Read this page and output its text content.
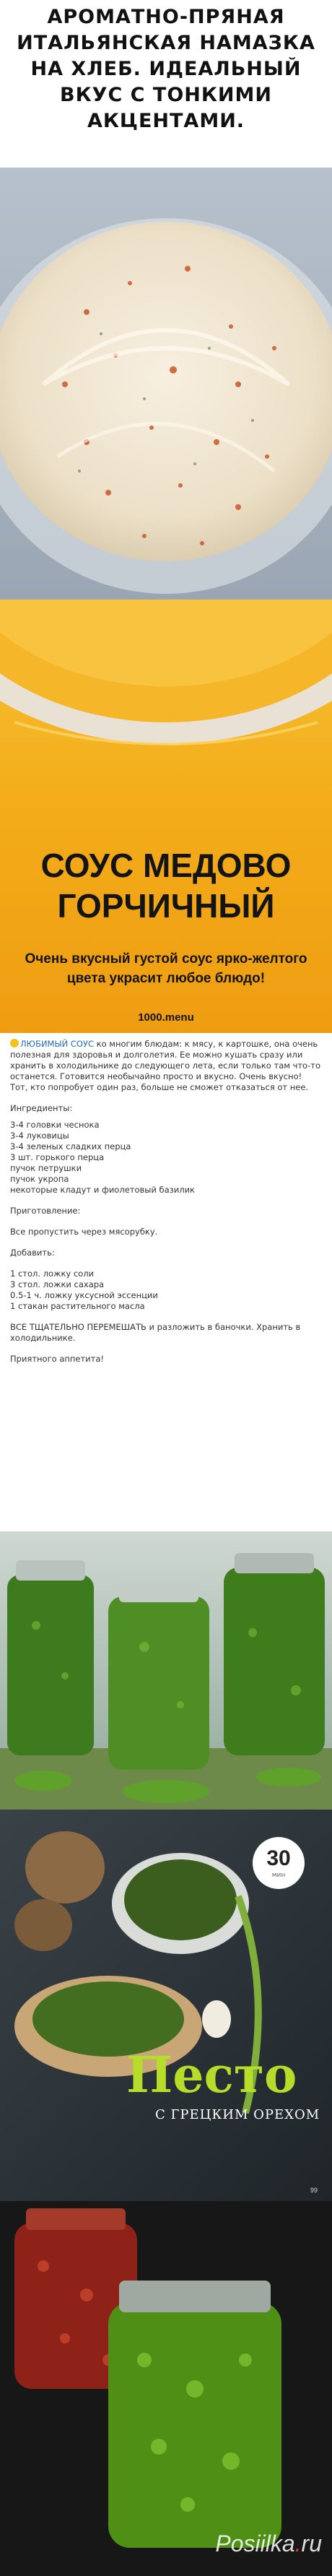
АРОМАТНО-ПРЯНАЯ ИТАЛЬЯНСКАЯ НАМАЗКА НА ХЛЕБ. ИДЕАЛЬНЫЙ ВКУС С ТОНКИМИ АКЦЕНТАМИ.
СОУС МЕДОВО ГОРЧИЧНЫЙ
Очень вкусный густой соус ярко-желтого цвета украсит любое блюдо!
1000.menu

ЛЮБИМЫЙ СОУС ко многим блюдам: к мясу, к картошке, она очень полезная для здоровья и долголетия. Ее можно кушать сразу или хранить в холодильнике до следующего лета, если только там что-то останется. Готовится необычайно просто и вкусно. Очень вкусно! Тот, кто попробует один раз, больше не сможет отказаться от нее.

Ингредиенты:

3-4 головки чеснока
3-4 луковицы
3-4 зеленых сладких перца
3 шт. горького перца
пучок петрушки
пучок укропа
некоторые кладут и фиолетовый базилик

Приготовление:

Все пропустить через мясорубку.

Добавить:

1 стол. ложку соли
3 стол. ложки сахара
0.5-1 ч. ложку уксусной эссенции
1 стакан растительного масла

ВСЕ ТЩАТЕЛЬНО ПЕРЕМЕШАТЬ и разложить в баночки. Хранить в холодильнике.

Приятного аппетита!

30
мин
Песто
С ГРЕЦКИМ ОРЕХОМ
99
Posiilka.ru
